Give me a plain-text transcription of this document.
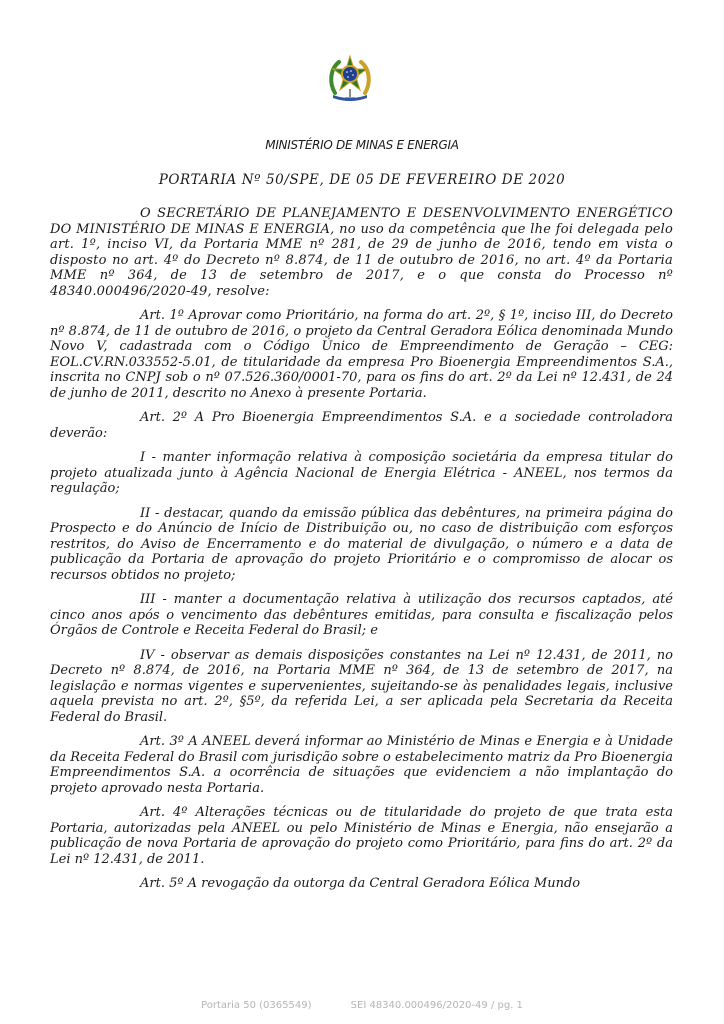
MINISTÉRIO DE MINAS E ENERGIA
PORTARIA Nº 50/SPE, DE 05 DE FEVEREIRO DE 2020

O SECRETÁRIO DE PLANEJAMENTO E DESENVOLVIMENTO ENERGÉTICO DO MINISTÉRIO DE MINAS E ENERGIA, no uso da competência que lhe foi delegada pelo art. 1º, inciso VI, da Portaria MME nº 281, de 29 de junho de 2016, tendo em vista o disposto no art. 4º do Decreto nº 8.874, de 11 de outubro de 2016, no art. 4º da Portaria MME nº 364, de 13 de setembro de 2017, e o que consta do Processo nº 48340.000496/2020-49, resolve:

Art. 1º Aprovar como Prioritário, na forma do art. 2º, § 1º, inciso III, do Decreto nº 8.874, de 11 de outubro de 2016, o projeto da Central Geradora Eólica denominada Mundo Novo V, cadastrada com o Código Único de Empreendimento de Geração – CEG: EOL.CV.RN.033552-5.01, de titularidade da empresa Pro Bioenergia Empreendimentos S.A., inscrita no CNPJ sob o nº 07.526.360/0001-70, para os fins do art. 2º da Lei nº 12.431, de 24 de junho de 2011, descrito no Anexo à presente Portaria.

Art. 2º A Pro Bioenergia Empreendimentos S.A. e a sociedade controladora deverão:

I - manter informação relativa à composição societária da empresa titular do projeto atualizada junto à Agência Nacional de Energia Elétrica - ANEEL, nos termos da regulação;

II - destacar, quando da emissão pública das debêntures, na primeira página do Prospecto e do Anúncio de Início de Distribuição ou, no caso de distribuição com esforços restritos, do Aviso de Encerramento e do material de divulgação, o número e a data de publicação da Portaria de aprovação do projeto Prioritário e o compromisso de alocar os recursos obtidos no projeto;

III - manter a documentação relativa à utilização dos recursos captados, até cinco anos após o vencimento das debêntures emitidas, para consulta e fiscalização pelos Órgãos de Controle e Receita Federal do Brasil; e

IV - observar as demais disposições constantes na Lei nº 12.431, de 2011, no Decreto nº 8.874, de 2016, na Portaria MME nº 364, de 13 de setembro de 2017, na legislação e normas vigentes e supervenientes, sujeitando-se às penalidades legais, inclusive aquela prevista no art. 2º, §5º, da referida Lei, a ser aplicada pela Secretaria da Receita Federal do Brasil.

Art. 3º A ANEEL deverá informar ao Ministério de Minas e Energia e à Unidade da Receita Federal do Brasil com jurisdição sobre o estabelecimento matriz da Pro Bioenergia Empreendimentos S.A. a ocorrência de situações que evidenciem a não implantação do projeto aprovado nesta Portaria.

Art. 4º Alterações técnicas ou de titularidade do projeto de que trata esta Portaria, autorizadas pela ANEEL ou pelo Ministério de Minas e Energia, não ensejarão a publicação de nova Portaria de aprovação do projeto como Prioritário, para fins do art. 2º da Lei nº 12.431, de 2011.

Art. 5º A revogação da outorga da Central Geradora Eólica Mundo

Portaria 50 (0365549)	SEI 48340.000496/2020-49 / pg. 1
